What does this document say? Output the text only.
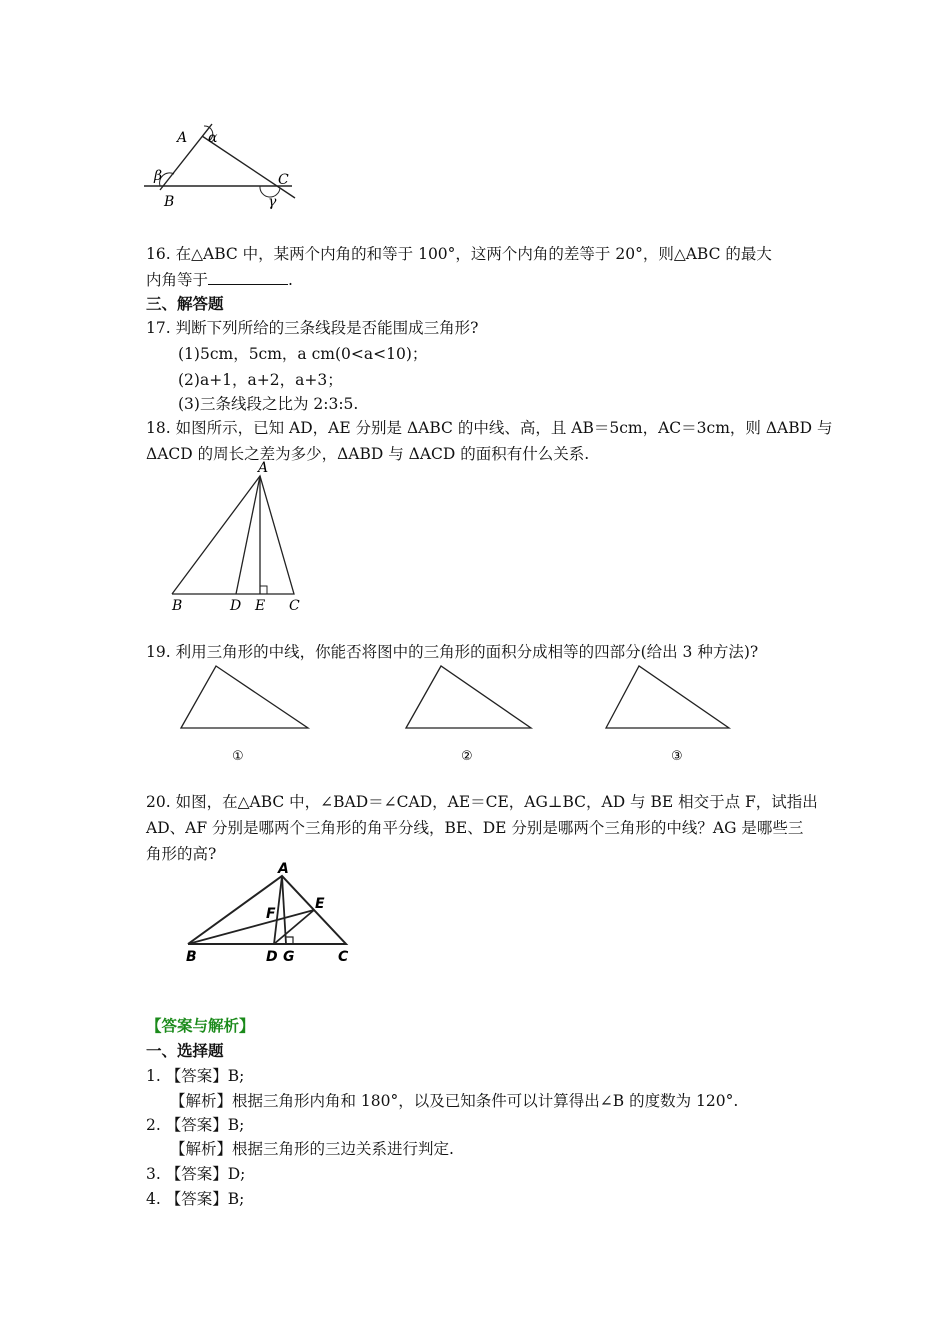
A α
β
B
C
γ
16. 在△ABC 中，某两个内角的和等于 100°，这两个内角的差等于 20°，则△ABC 的最大
内角等于	.
三、解答题
17. 判断下列所给的三条线段是否能围成三角形?
(1)5cm，5cm，a cm(0<a<10)；
(2)a+1，a+2，a+3；
(3)三条线段之比为 2:3:5.
18. 如图所示，已知 AD，AE 分别是 ΔABC 的中线、高，且 AB＝5cm，AC＝3cm，则 ΔABD 与
ΔACD 的周长之差为多少，ΔABD 与 ΔACD 的面积有什么关系.
A
B	D E C
19. 利用三角形的中线，你能否将图中的三角形的面积分成相等的四部分(给出 3 种方法)?
①	②	③
20. 如图，在△ABC 中，∠BAD＝∠CAD，AE＝CE，AG⊥BC，AD 与 BE 相交于点 F，试指出
AD、AF 分别是哪两个三角形的角平分线，BE、DE 分别是哪两个三角形的中线？AG 是哪些三
角形的高?
A
E
F
B	D G	C
【答案与解析】
一、选择题
1. 【答案】B;
【解析】根据三角形内角和 180°，以及已知条件可以计算得出∠B 的度数为 120°.
2. 【答案】B;
【解析】根据三角形的三边关系进行判定.
3. 【答案】D;
4. 【答案】B;
